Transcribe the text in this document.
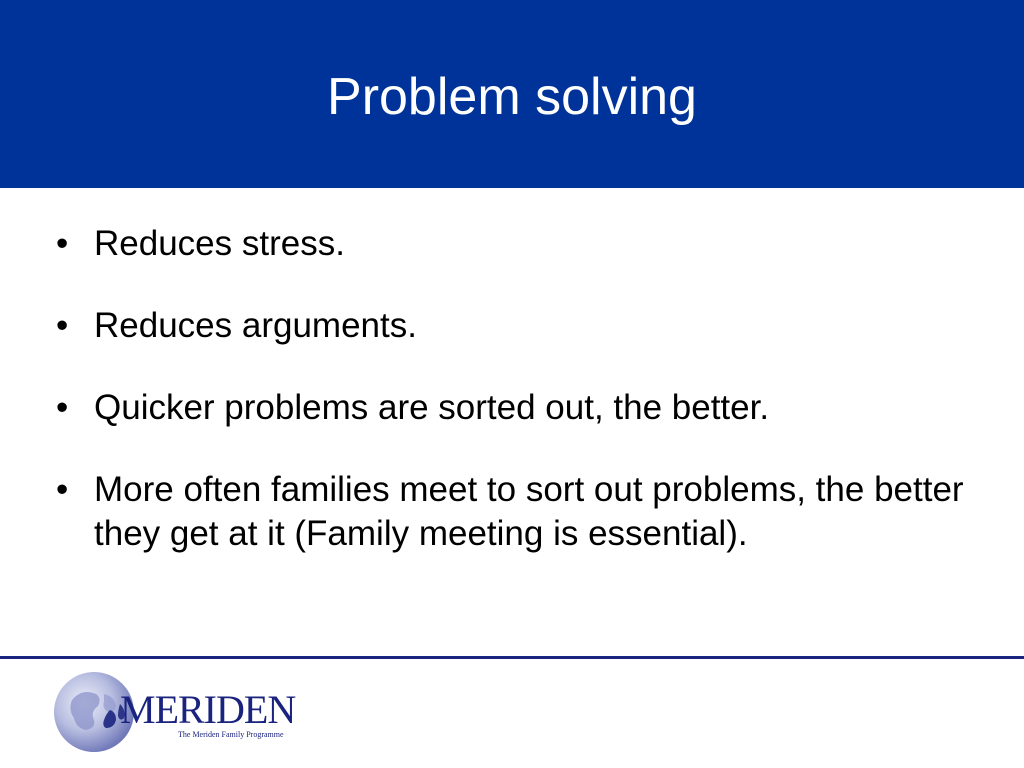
Problem solving
• Reduces stress.
• Reduces arguments.
• Quicker problems are sorted out, the better.
• More often families meet to sort out problems, the better they get at it (Family meeting is essential).
MERIDEN
The Meriden Family Programme
